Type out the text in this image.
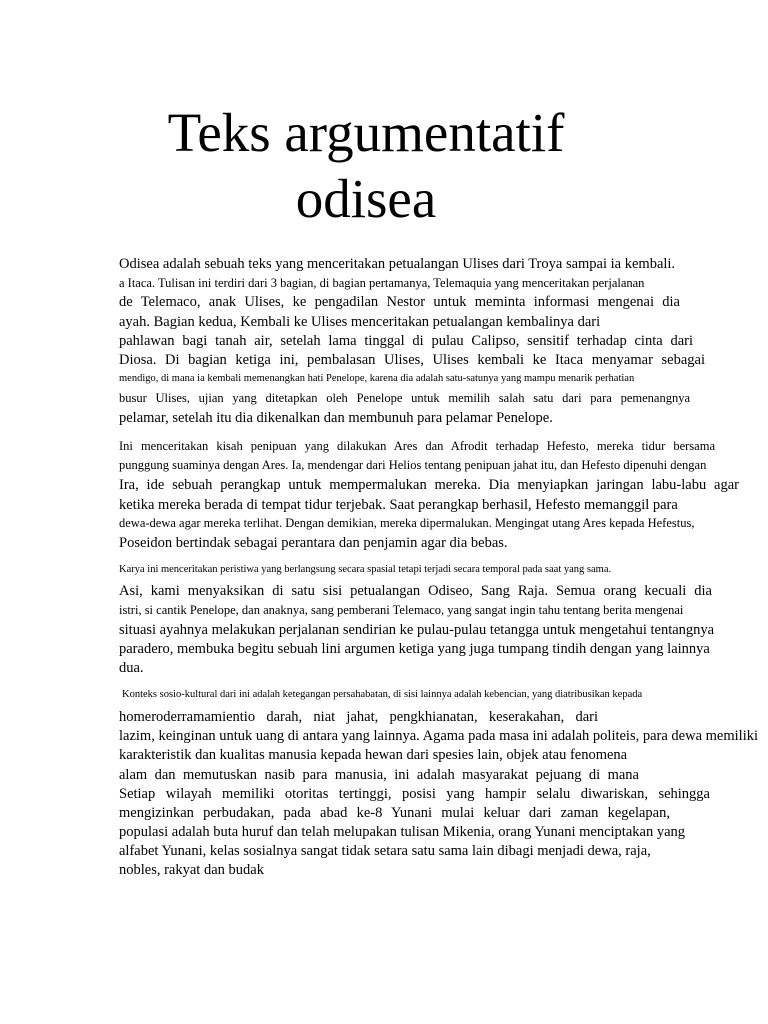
Teks argumentatif
odisea

Odisea adalah sebuah teks yang menceritakan petualangan Ulises dari Troya sampai ia kembali.

a Itaca. Tulisan ini terdiri dari 3 bagian, di bagian pertamanya, Telemaquia yang menceritakan perjalanan

de Telemaco, anak Ulises, ke pengadilan Nestor untuk meminta informasi mengenai dia

ayah. Bagian kedua, Kembali ke Ulises menceritakan petualangan kembalinya dari

pahlawan bagi tanah air, setelah lama tinggal di pulau Calipso, sensitif terhadap cinta dari

Diosa. Di bagian ketiga ini, pembalasan Ulises, Ulises kembali ke Itaca menyamar sebagai

mendigo, di mana ia kembali memenangkan hati Penelope, karena dia adalah satu-satunya yang mampu menarik perhatian

busur Ulises, ujian yang ditetapkan oleh Penelope untuk memilih salah satu dari para pemenangnya

pelamar, setelah itu dia dikenalkan dan membunuh para pelamar Penelope.

Ini menceritakan kisah penipuan yang dilakukan Ares dan Afrodit terhadap Hefesto, mereka tidur bersama

punggung suaminya dengan Ares. Ia, mendengar dari Helios tentang penipuan jahat itu, dan Hefesto dipenuhi dengan

Ira, ide sebuah perangkap untuk mempermalukan mereka. Dia menyiapkan jaringan labu-labu agar

ketika mereka berada di tempat tidur terjebak. Saat perangkap berhasil, Hefesto memanggil para

dewa-dewa agar mereka terlihat. Dengan demikian, mereka dipermalukan. Mengingat utang Ares kepada Hefestus,

Poseidon bertindak sebagai perantara dan penjamin agar dia bebas.

Karya ini menceritakan peristiwa yang berlangsung secara spasial tetapi terjadi secara temporal pada saat yang sama.

Asi, kami menyaksikan di satu sisi petualangan Odiseo, Sang Raja. Semua orang kecuali dia

istri, si cantik Penelope, dan anaknya, sang pemberani Telemaco, yang sangat ingin tahu tentang berita mengenai

situasi ayahnya melakukan perjalanan sendirian ke pulau-pulau tetangga untuk mengetahui tentangnya

paradero, membuka begitu sebuah lini argumen ketiga yang juga tumpang tindih dengan yang lainnya

dua.

Konteks sosio-kultural dari ini adalah ketegangan persahabatan, di sisi lainnya adalah kebencian, yang diatribusikan kepada

homeroderramamientio darah, niat jahat, pengkhianatan, keserakahan, dari

lazim, keinginan untuk uang di antara yang lainnya. Agama pada masa ini adalah politeis, para dewa memiliki

karakteristik dan kualitas manusia kepada hewan dari spesies lain, objek atau fenomena

alam dan memutuskan nasib para manusia, ini adalah masyarakat pejuang di mana

Setiap wilayah memiliki otoritas tertinggi, posisi yang hampir selalu diwariskan, sehingga

mengizinkan perbudakan, pada abad ke-8 Yunani mulai keluar dari zaman kegelapan,

populasi adalah buta huruf dan telah melupakan tulisan Mikenia, orang Yunani menciptakan yang

alfabet Yunani, kelas sosialnya sangat tidak setara satu sama lain dibagi menjadi dewa, raja,

nobles, rakyat dan budak
